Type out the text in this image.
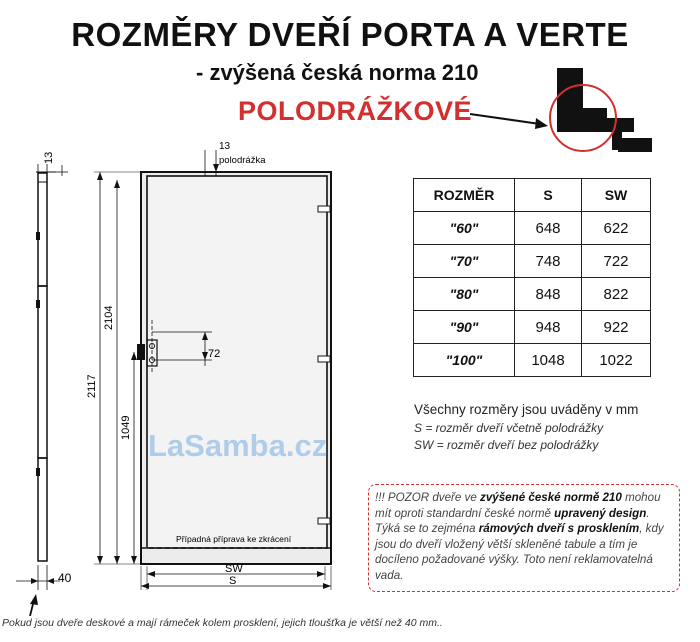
ROZMĚRY DVEŘÍ PORTA A VERTE
- zvýšená česká norma 210
POLODRÁŽKOVÉ
13
40
13
polodrážka
72
2117
2104
1049
Případná příprava ke zkrácení
SW
S
LaSamba.cz
ROZMĚR	S	SW
"60"	648	622
"70"	748	722
"80"	848	822
"90"	948	922
"100"	1048	1022
Všechny rozměry jsou uváděny v mm
S = rozměr dveří včetně polodrážky
SW = rozměr dveří bez polodrážky
!!! POZOR dveře ve zvýšené české normě 210 mohou mít oproti standardní české normě upravený design. Týká se to zejména rámových dveří s prosklením, kdy jsou do dveří vložený větší skleněné tabule a tím je docíleno požadované výšky. Toto není reklamovatelná vada.
Pokud jsou dveře deskové a mají rámeček kolem prosklení, jejich tloušťka je větší než 40 mm..
